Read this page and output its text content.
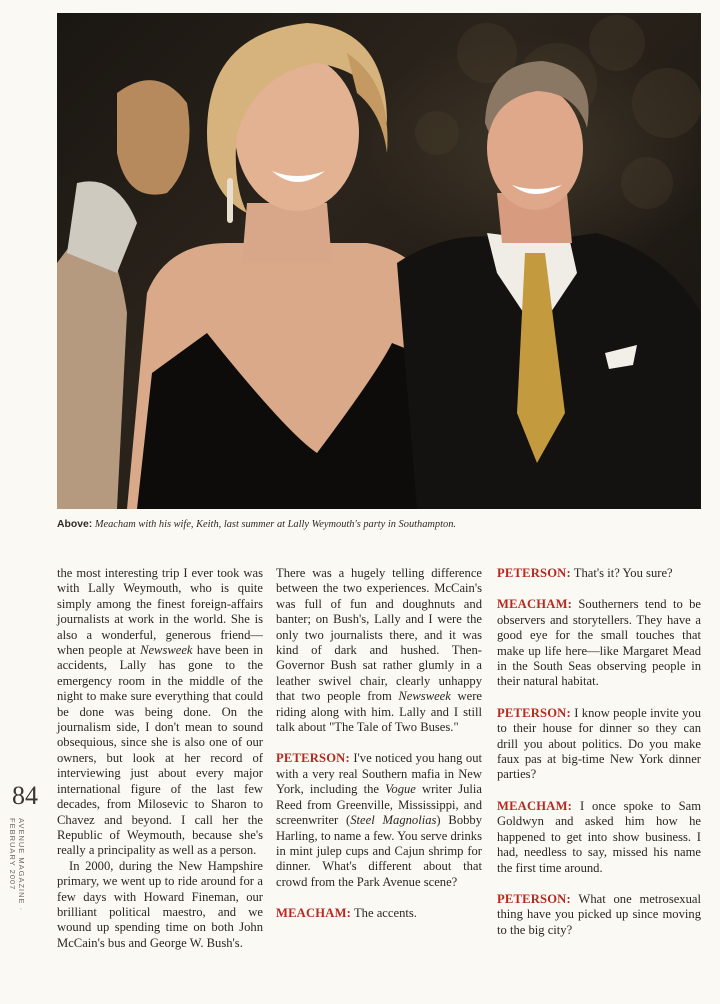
Above: Meacham with his wife, Keith, last summer at Lally Weymouth's party in Southampton.

the most interesting trip I ever took was with Lally Weymouth, who is quite simply among the finest foreign-affairs journalists at work in the world. She is also a wonderful, generous friend—when people at Newsweek have been in accidents, Lally has gone to the emergency room in the middle of the night to make sure everything that could be done was being done. On the journalism side, I don't mean to sound obsequious, since she is also one of our owners, but look at her record of interviewing just about every major international figure of the last few decades, from Milosevic to Sharon to Chavez and beyond. I call her the Republic of Weymouth, because she's really a principality as well as a person.

In 2000, during the New Hampshire primary, we went up to ride around for a few days with Howard Fineman, our brilliant political maestro, and we wound up spending time on both John McCain's bus and George W. Bush's.

There was a hugely telling difference between the two experiences. McCain's was full of fun and doughnuts and banter; on Bush's, Lally and I were the only two journalists there, and it was kind of dark and hushed. Then-Governor Bush sat rather glumly in a leather swivel chair, clearly unhappy that two people from Newsweek were riding along with him. Lally and I still talk about "The Tale of Two Buses."

PETERSON: I've noticed you hang out with a very real Southern mafia in New York, including the Vogue writer Julia Reed from Greenville, Mississippi, and screenwriter (Steel Magnolias) Bobby Harling, to name a few. You serve drinks in mint julep cups and Cajun shrimp for dinner. What's different about that crowd from the Park Avenue scene?

MEACHAM: The accents.

PETERSON: That's it? You sure?

MEACHAM: Southerners tend to be observers and storytellers. They have a good eye for the small touches that make up life here—like Margaret Mead in the South Seas observing people in their natural habitat.

PETERSON: I know people invite you to their house for dinner so they can drill you about politics. Do you make faux pas at big-time New York dinner parties?

MEACHAM: I once spoke to Sam Goldwyn and asked him how he happened to get into show business. I had, needless to say, missed his name the first time around.

PETERSON: What one metrosexual thing have you picked up since moving to the big city?

84
AVENUE MAGAZINE · FEBRUARY 2007
